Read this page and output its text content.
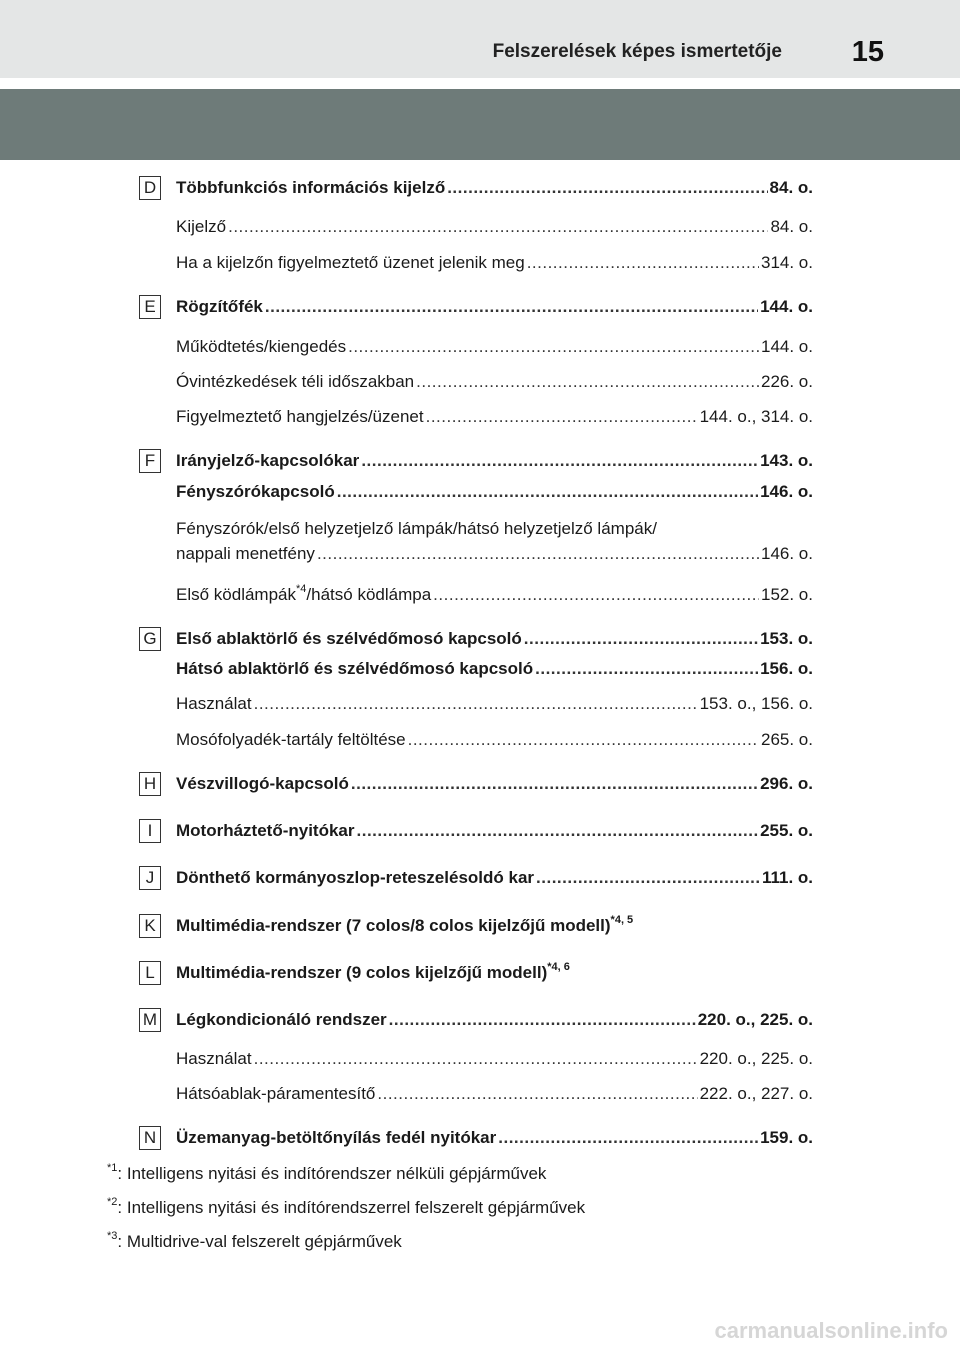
Felszerelések képes ismertetője 15
D Többfunkciós információs kijelző .....	84. o.
Kijelző .....	84. o.
Ha a kijelzőn figyelmeztető üzenet jelenik meg .....	314. o.
E	Rögzítőfék .....	144. o.
Működtetés/kiengedés .....	144. o.
Óvintézkedések téli időszakban .....	226. o.
Figyelmeztető hangjelzés/üzenet .....	144. o., 314. o.
F	Irányjelző-kapcsolókar .....	143. o.
Fényszórókapcsoló .....	146. o.
Fényszórók/első helyzetjelző lámpák/hátsó helyzetjelző lámpák/
nappali menetfény .....	146. o.
Első ködlámpák$^{*4}$/hátsó ködlámpa .....	152. o.
G Első ablaktörlő és szélvédőmosó kapcsoló .....	153. o.
Hátsó ablaktörlő és szélvédőmosó kapcsoló .....	156. o.
Használat .....	153. o., 156. o.
Mosófolyadék-tartály feltöltése .....	265. o.
H Vészvillogó-kapcsoló .....	296. o.
I	Motorháztető-nyitókar .....	255. o.
J	Dönthető kormányoszlop-reteszelésoldó kar .....	111. o.
K	Multimédia-rendszer (7 colos/8 colos kijelzőjű modell)$^{*4, 5}$
L	Multimédia-rendszer (9 colos kijelzőjű modell)$^{*4, 6}$
M Légkondicionáló rendszer .....	220. o., 225. o.
Használat .....	220. o., 225. o.
Hátsóablak-páramentesítő .....	222. o., 227. o.
N Üzemanyag-betöltőnyílás fedél nyitókar .....	159. o.
$^{*1}$: Intelligens nyitási és indítórendszer nélküli gépjárművek
$^{*2}$: Intelligens nyitási és indítórendszerrel felszerelt gépjárművek
$^{*3}$: Multidrive-val felszerelt gépjárművek
carmanualsonline.info
